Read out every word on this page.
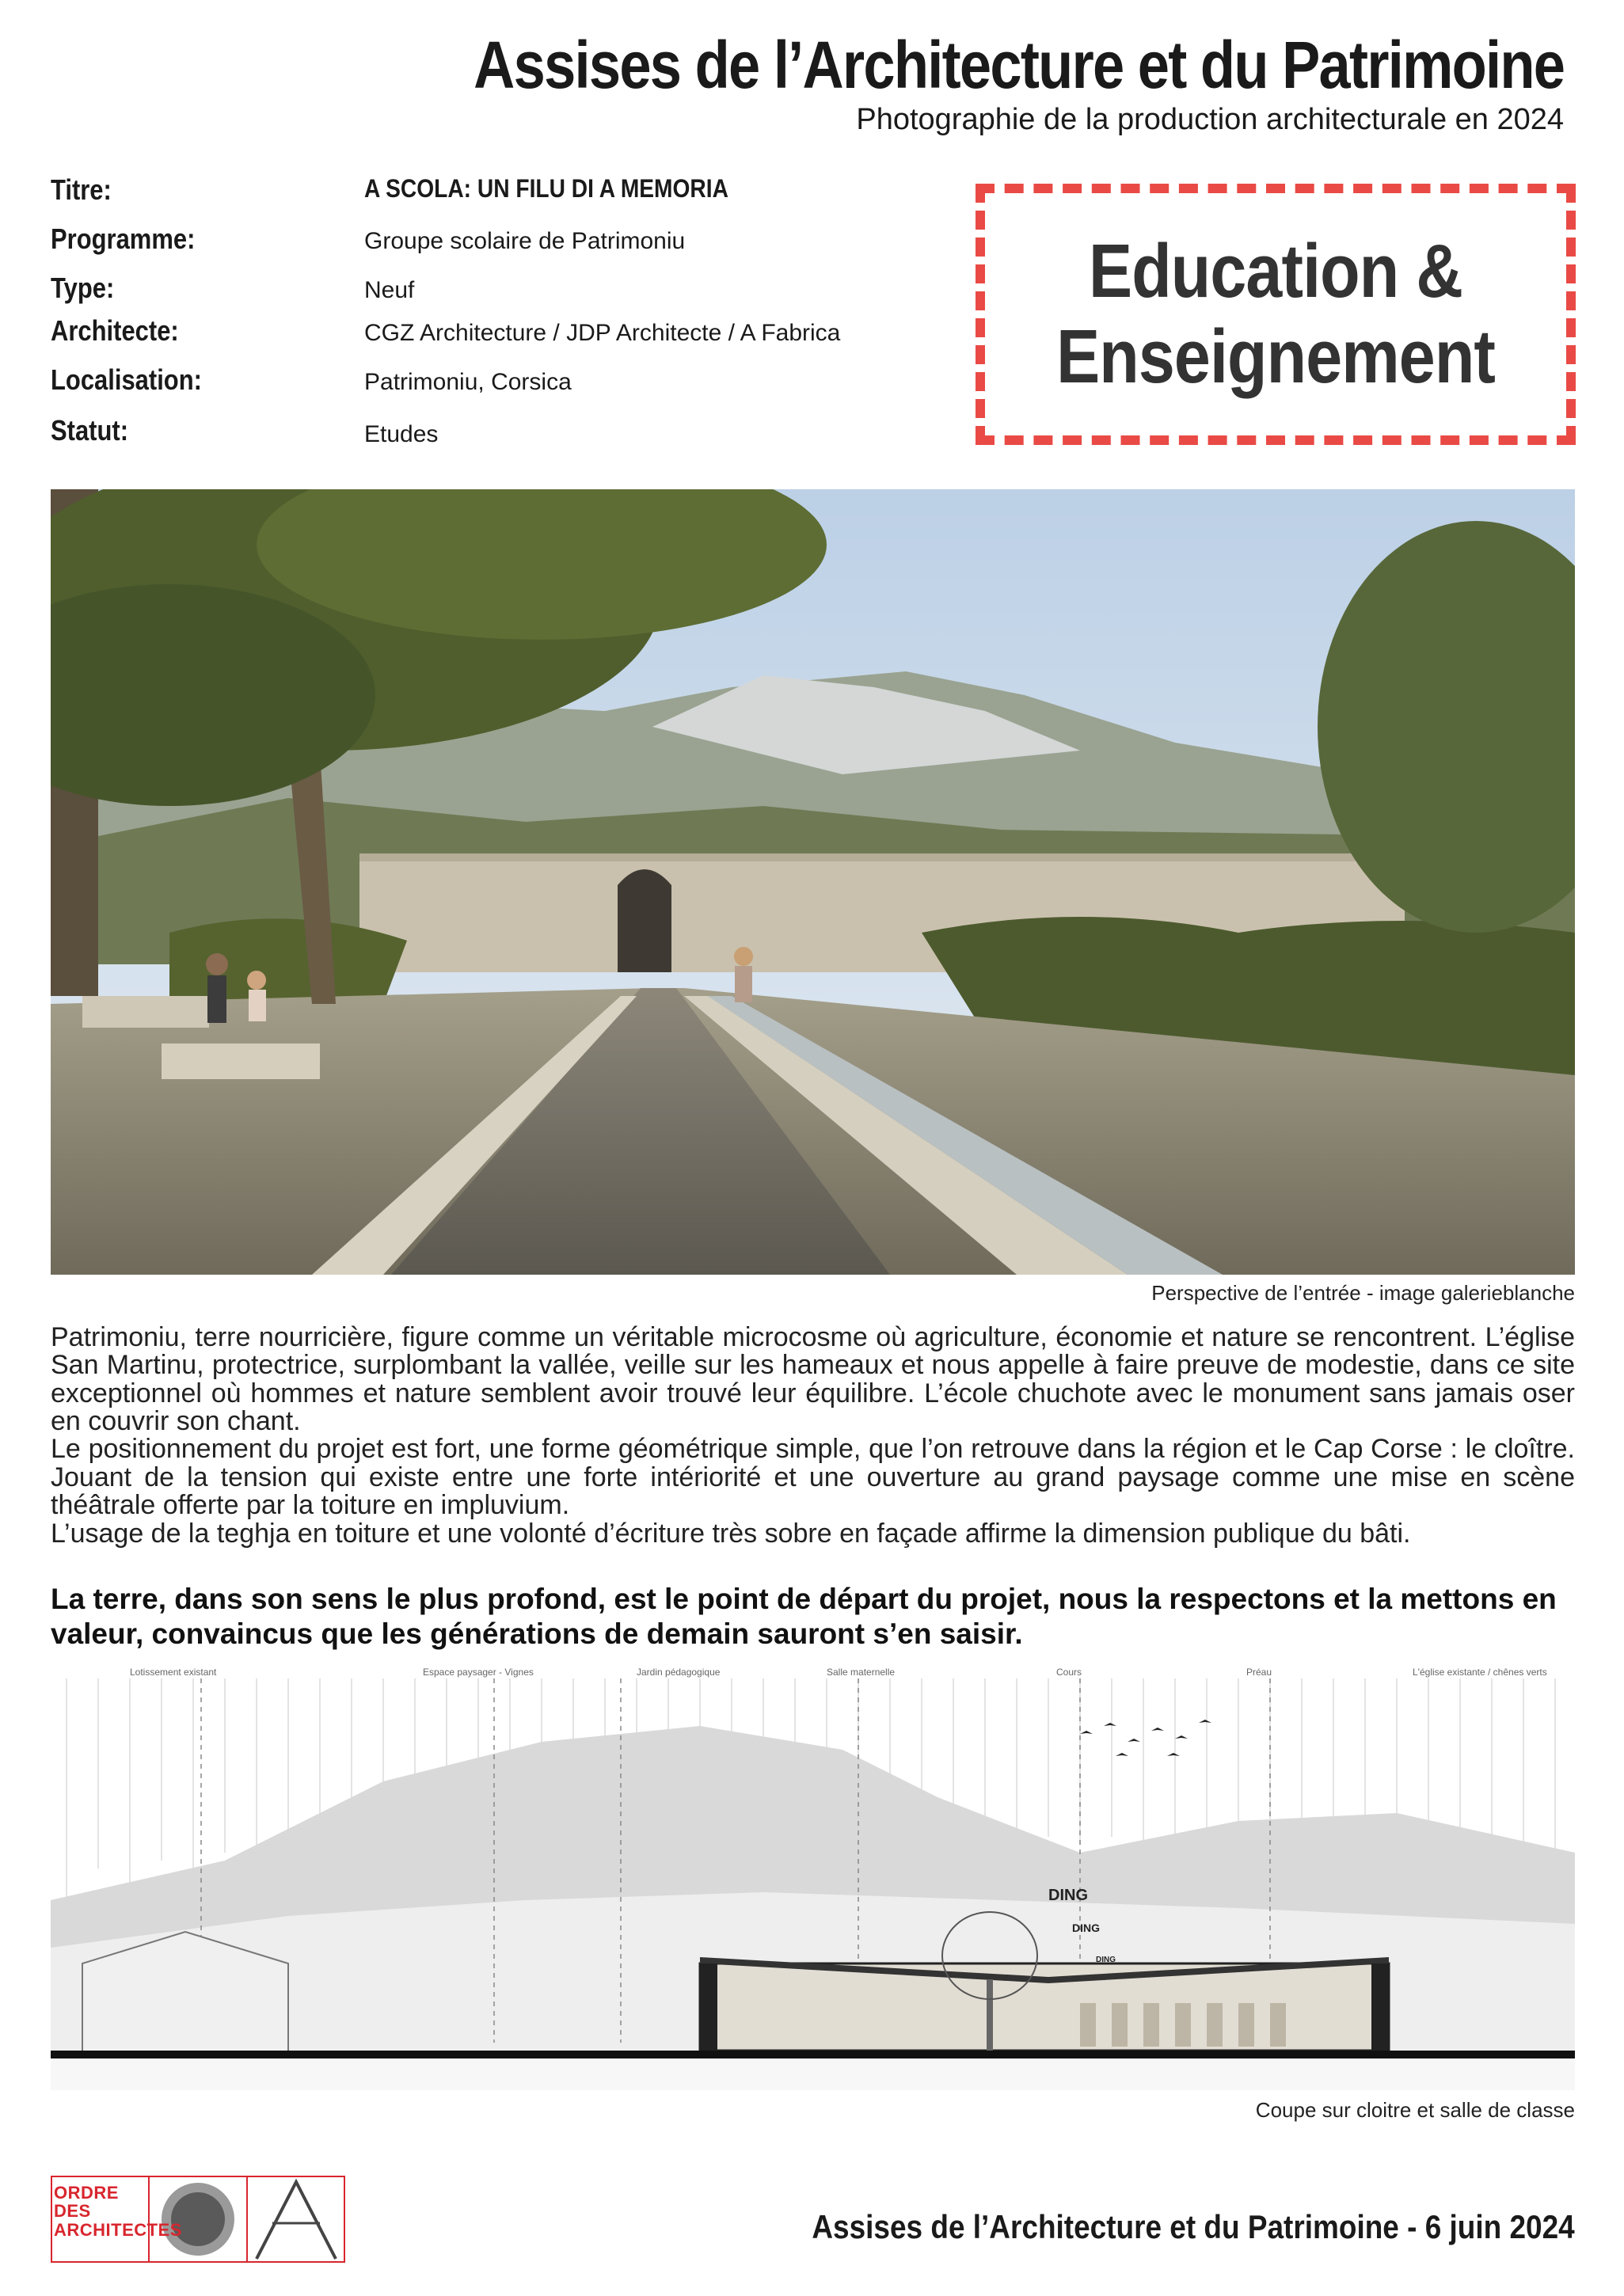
Assises de l’Architecture et du Patrimoine
Photographie de la production architecturale en 2024
Titre:	A SCOLA: UN FILU DI A MEMORIA
Programme:	Groupe scolaire de Patrimoniu
Type:	Neuf
Architecte:	CGZ Architecture / JDP Architecte / A Fabrica
Localisation:	Patrimoniu, Corsica
Statut:	Etudes
Education &
Enseignement
Perspective de l’entrée - image galerieblanche

Patrimoniu, terre nourricière, figure comme un véritable microcosme où agriculture, économie et nature se rencontrent. L’église San Martinu, protectrice, surplombant la vallée, veille sur les hameaux et nous appelle à faire preuve de modestie, dans ce site exceptionnel où hommes et nature semblent avoir trouvé leur équilibre. L’école chuchote avec le monument sans jamais oser en couvrir son chant.

Le positionnement du projet est fort, une forme géométrique simple, que l’on retrouve dans la région et le Cap Corse : le cloître. Jouant de la tension qui existe entre une forte intériorité et une ouverture au grand paysage comme une mise en scène théâtrale offerte par la toiture en impluvium.

L’usage de la teghja en toiture et une volonté d’écriture très sobre en façade affirme la dimension publique du bâti.

La terre, dans son sens le plus profond, est le point de départ du projet, nous la respectons et la mettons en valeur, convaincus que les générations de demain sauront s’en saisir.
Lotissement existant	Espace paysager - Vignes	Jardin pédagogique	Salle maternelle	Cours	Préau	L'église existante / chênes verts
DING
DING
DING
Coupe sur cloitre et salle de classe
ORDRE
DES
ARCHITECTES	Assises de l’Architecture et du Patrimoine - 6 juin 2024
